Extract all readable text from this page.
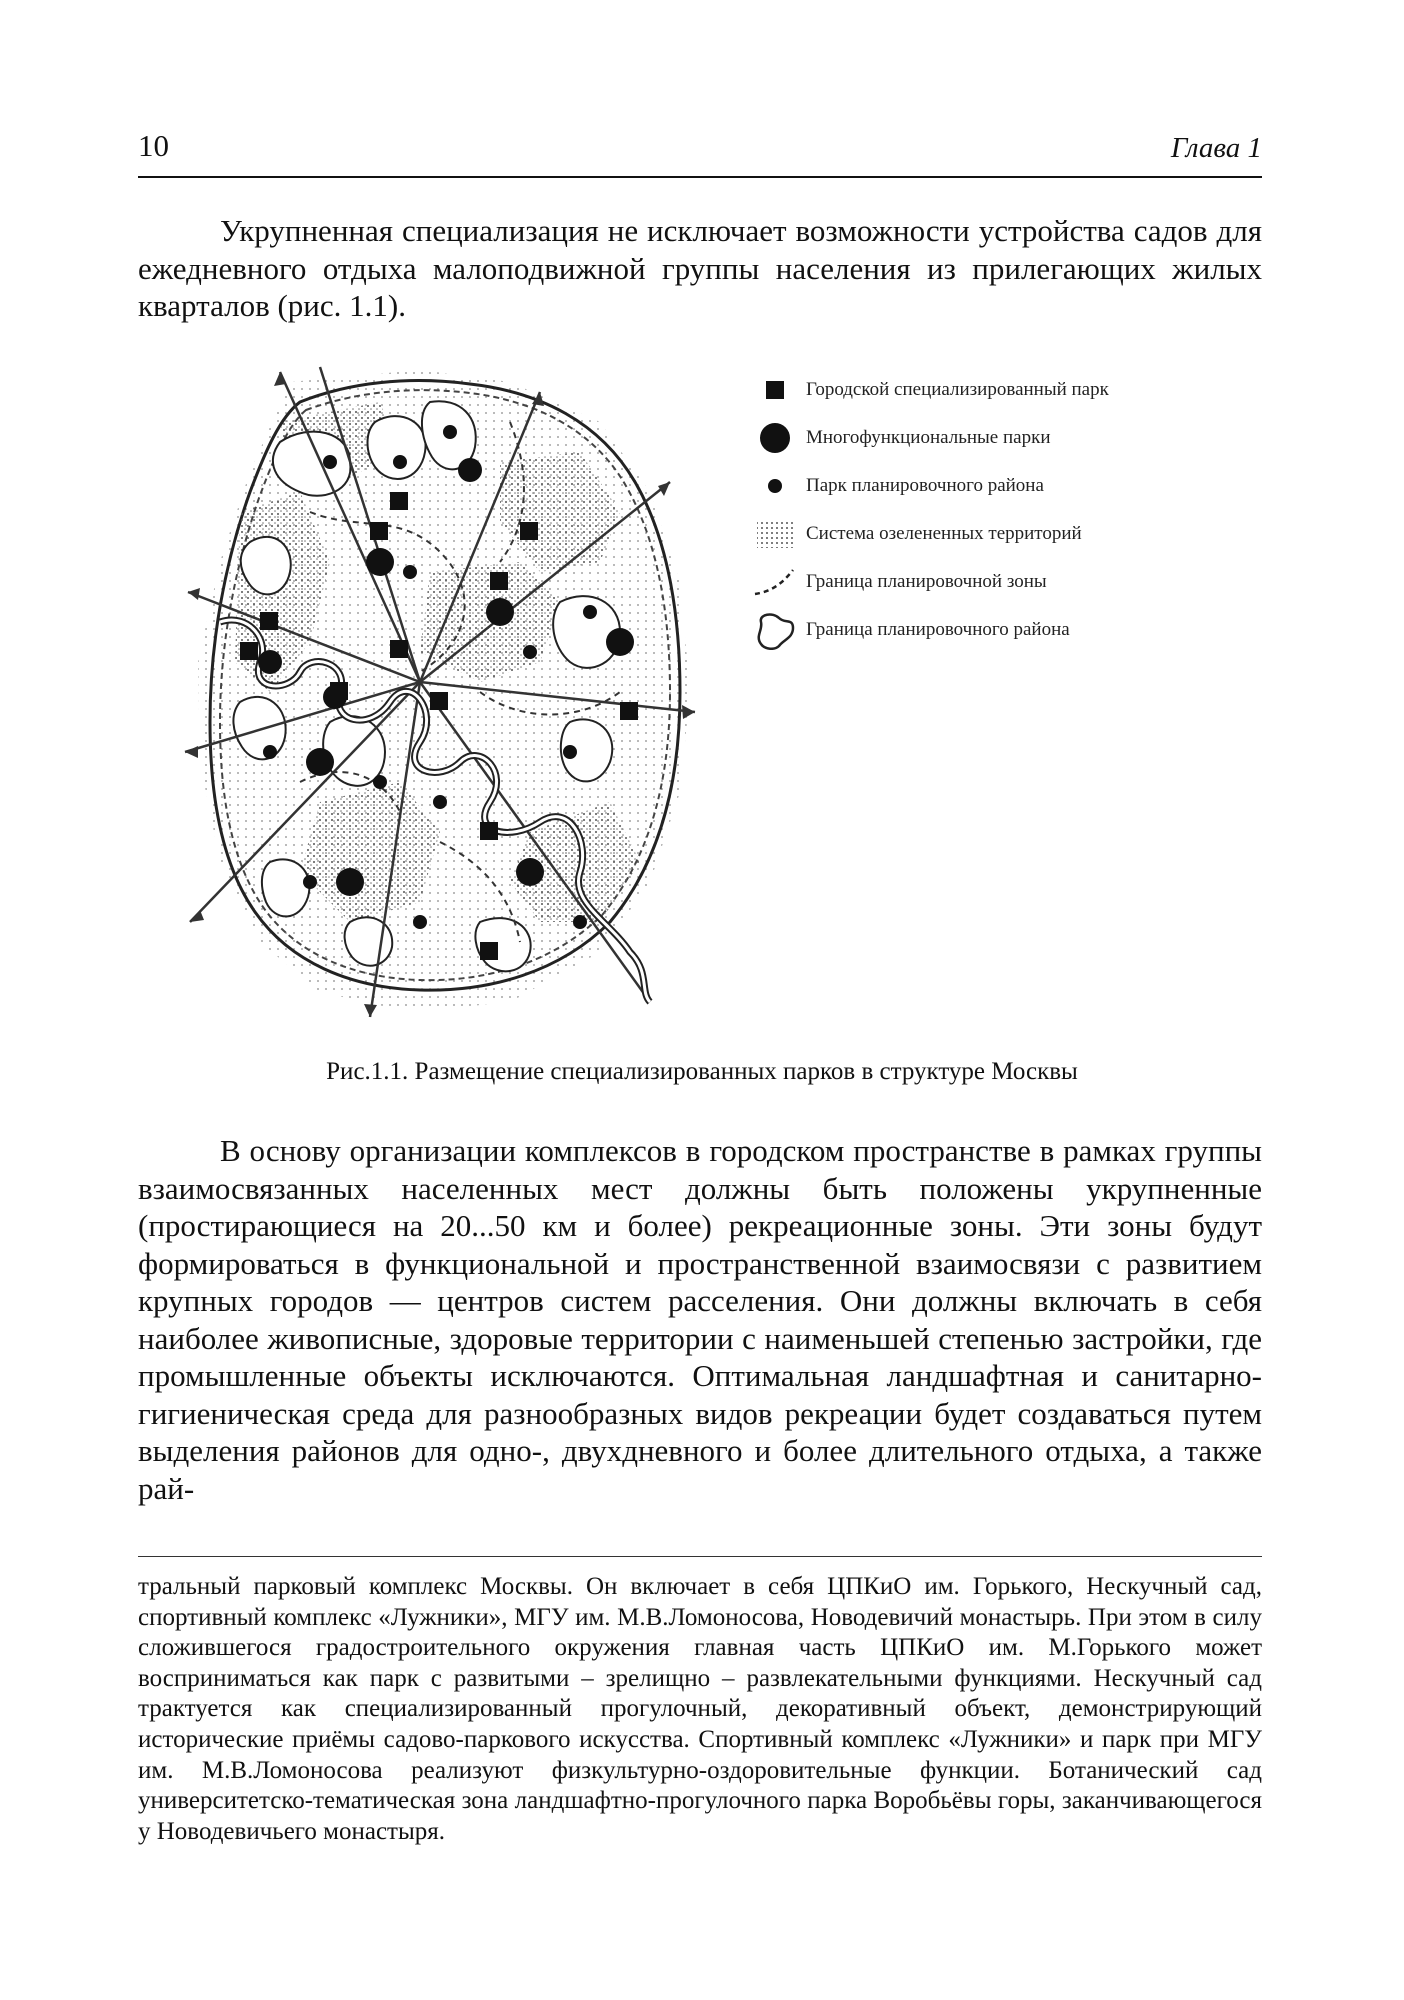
10	Глава 1

Укрупненная специализация не исключает возможности устройства садов для ежедневного отдыха малоподвижной группы населения из прилегающих жилых кварталов (рис. 1.1).

Городской специализированный парк
Многофункциональные парки
Парк планировочного района
Система озелененных территорий
Граница планировочной зоны
Граница планировочного района
Рис.1.1. Размещение специализированных парков в структуре Москвы

В основу организации комплексов в городском пространстве в рамках группы взаимосвязанных населенных мест должны быть положены укрупненные (простирающиеся на 20...50 км и более) рекреационные зоны. Эти зоны будут формироваться в функциональной и пространственной взаимосвязи с развитием крупных городов — центров систем расселения. Они должны включать в себя наиболее живописные, здоровые территории с наименьшей степенью застройки, где промышленные объекты исключаются. Оптимальная ландшафтная и санитарно-гигиеническая среда для разнообразных видов рекреации будет создаваться путем выделения районов для одно-, двухдневного и более длительного отдыха, а также рай-

тральный парковый комплекс Москвы. Он включает в себя ЦПКиО им. Горького, Нескучный сад, спортивный комплекс «Лужники», МГУ им. М.В.Ломоносова, Новодевичий монастырь. При этом в силу сложившегося градостроительного окружения главная часть ЦПКиО им. М.Горького может восприниматься как парк с развитыми – зрелищно – развлекательными функциями. Нескучный сад трактуется как специализированный прогулочный, декоративный объект, демонстрирующий исторические приёмы садово-паркового искусства. Спортивный комплекс «Лужники» и парк при МГУ им. М.В.Ломоносова реализуют физкультурно-оздоровительные функции. Ботанический сад университетско-тематическая зона ландшафтно-прогулочного парка Воробьёвы горы, заканчивающегося у Новодевичьего монастыря.
